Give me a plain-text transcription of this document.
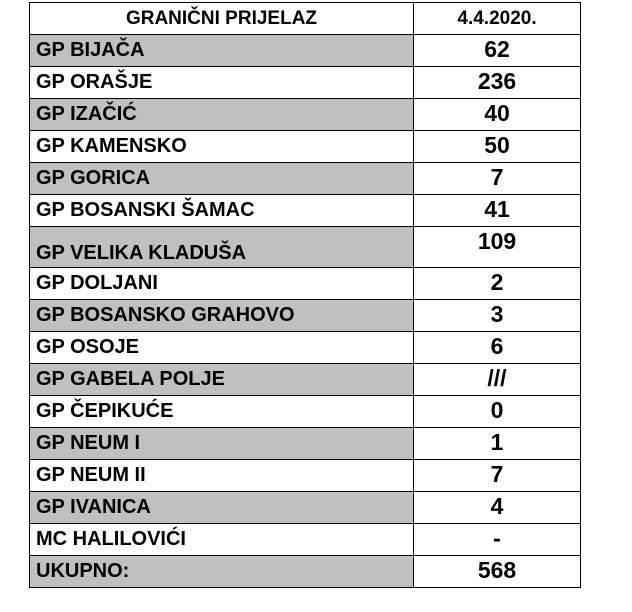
GRANIČNI PRIJELAZ	4.4.2020.
GP BIJAČA	62
GP ORAŠJE	236
GP IZAČIĆ	40
GP KAMENSKO	50
GP GORICA	7
GP BOSANSKI ŠAMAC	41
GP VELIKA KLADUŠA	109
GP DOLJANI	2
GP BOSANSKO GRAHOVO	3
GP OSOJE	6
GP GABELA POLJE	///
GP ČEPIKUĆE	0
GP NEUM I	1
GP NEUM II	7
GP IVANICA	4
MC HALILOVIĆI	-
UKUPNO:	568
